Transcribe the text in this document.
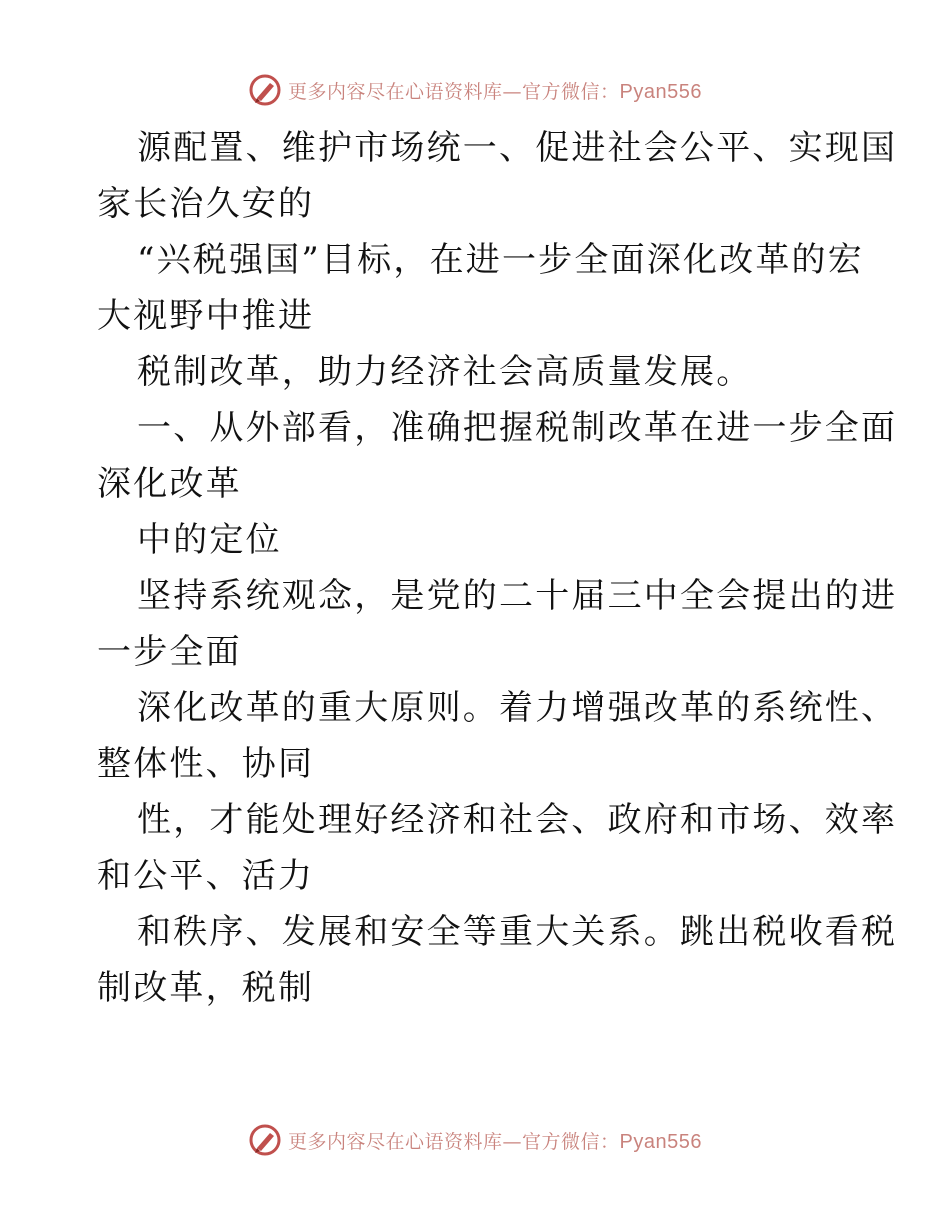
更多内容尽在心语资料库—官方微信：Pyan556
源配置、维护市场统一、促进社会公平、实现国
家长治久安的
“兴税强国”目标，在进一步全面深化改革的宏
大视野中推进
税制改革，助力经济社会高质量发展。
一、从外部看，准确把握税制改革在进一步全面
深化改革
中的定位
坚持系统观念，是党的二十届三中全会提出的进
一步全面
深化改革的重大原则。着力增强改革的系统性、
整体性、协同
性，才能处理好经济和社会、政府和市场、效率
和公平、活力
和秩序、发展和安全等重大关系。跳出税收看税
制改革，税制
更多内容尽在心语资料库—官方微信：Pyan556
